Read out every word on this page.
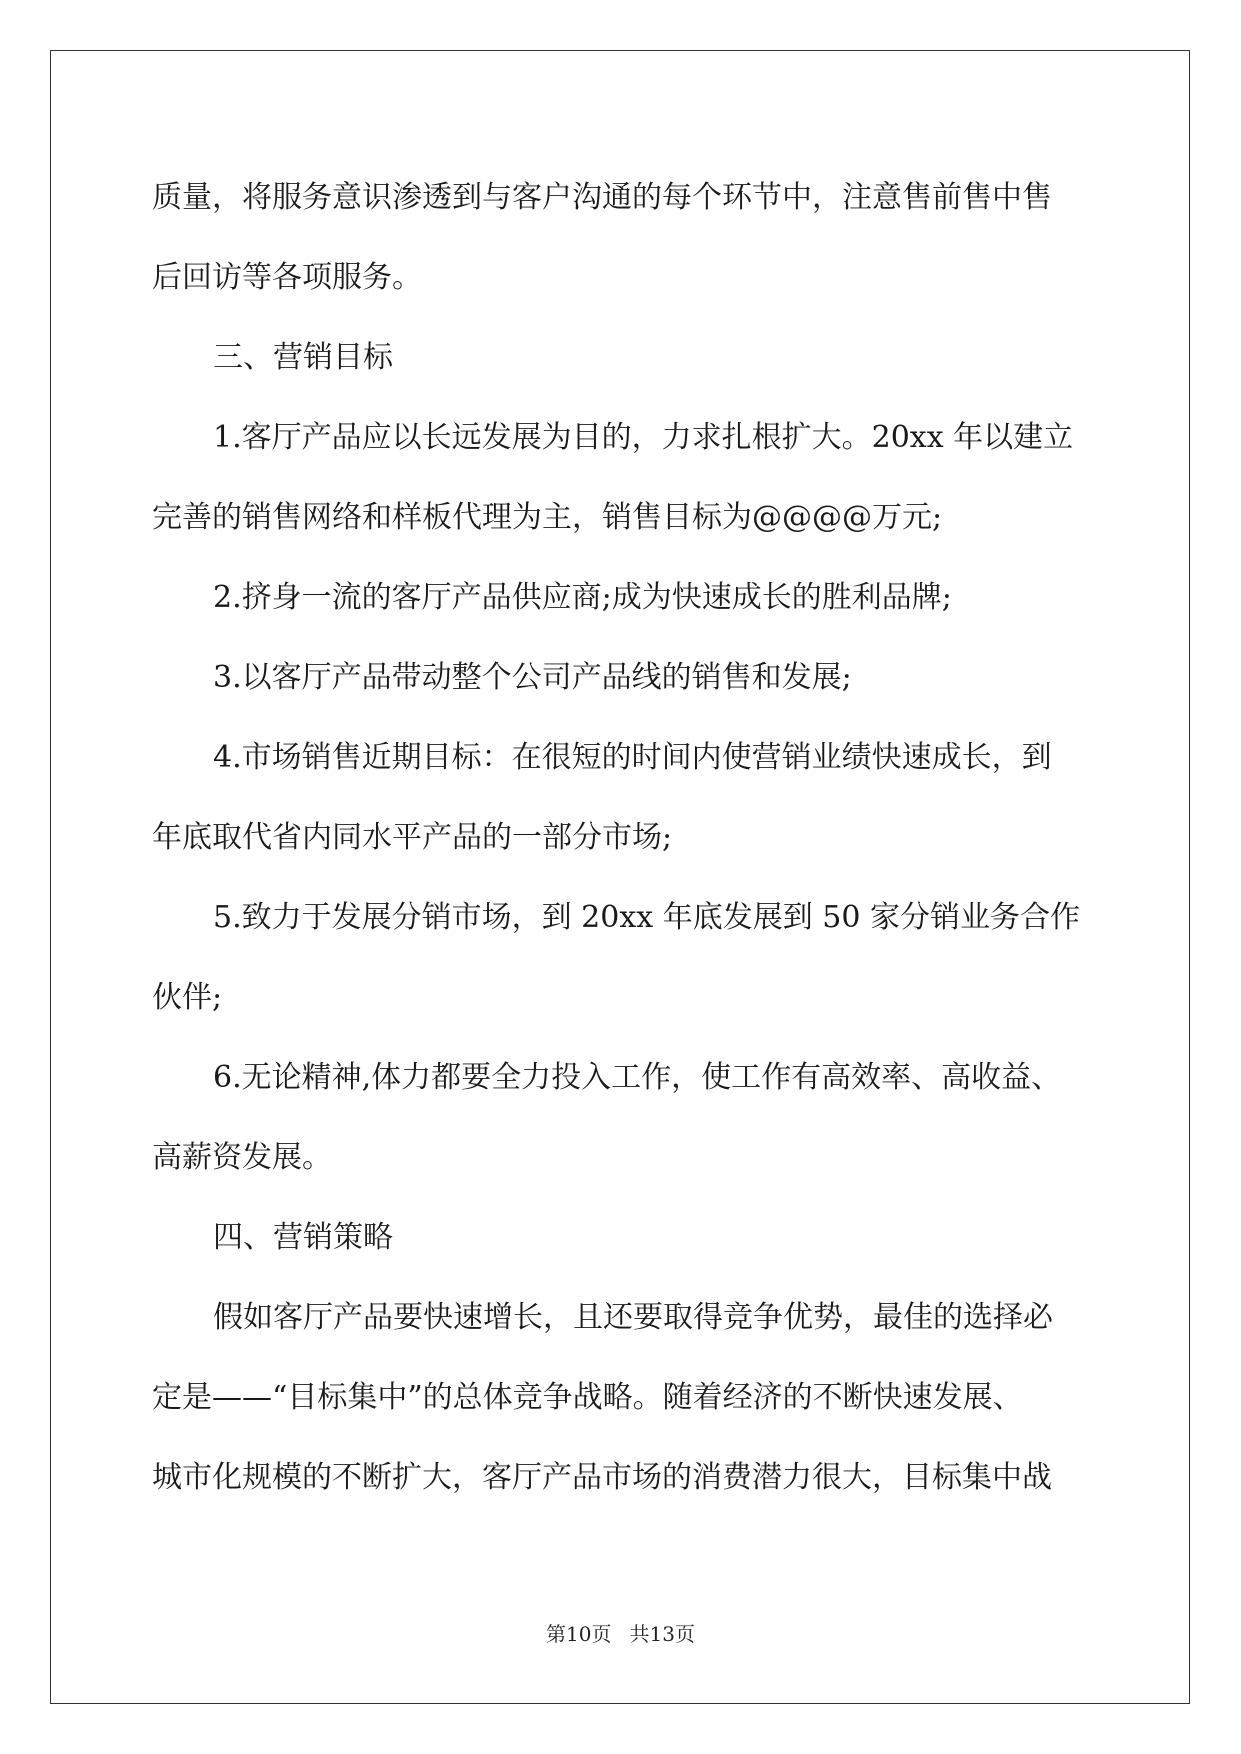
质量，将服务意识渗透到与客户沟通的每个环节中，注意售前售中售
后回访等各项服务。
三、营销目标
1.客厅产品应以长远发展为目的，力求扎根扩大。20xx 年以建立
完善的销售网络和样板代理为主，销售目标为@@@@万元;
2.挤身一流的客厅产品供应商;成为快速成长的胜利品牌;
3.以客厅产品带动整个公司产品线的销售和发展;
4.市场销售近期目标：在很短的时间内使营销业绩快速成长，到
年底取代省内同水平产品的一部分市场;
5.致力于发展分销市场，到 20xx 年底发展到 50 家分销业务合作
伙伴;
6.无论精神,体力都要全力投入工作，使工作有高效率、高收益、
高薪资发展。
四、营销策略
假如客厅产品要快速增长，且还要取得竞争优势，最佳的选择必
定是——“目标集中”的总体竞争战略。随着经济的不断快速发展、
城市化规模的不断扩大，客厅产品市场的消费潜力很大，目标集中战
第10页 共13页
